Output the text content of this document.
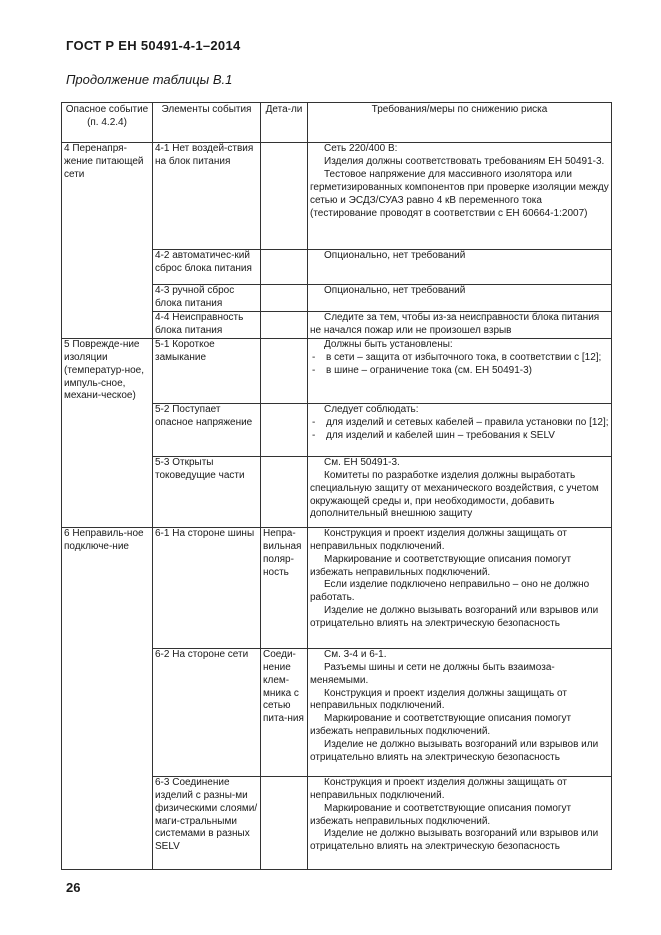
ГОСТ Р ЕН 50491-4-1–2014
Продолжение таблицы В.1
Опасное событие (п. 4.2.4)	Элементы события	Дета-ли	Требования/меры по снижению риска
4 Перенапря-жение питающей сети	4-1 Нет воздей-ствия на блок питания		Сеть 220/400 В:

Изделия должны соответствовать требованиям ЕН 50491-3.

Тестовое напряжение для массивного изолятора или герметизированных компонентов при проверке изоляции между сетью и ЭСДЗ/СУАЗ равно 4 кВ переменного тока (тестирование проводят в соответствии с ЕН 60664-1:2007)

	4-2 автоматичес-кий сброс блока питания		Опционально, нет требований

	4-3 ручной сброс блока питания		Опционально, нет требований

	4-4 Неисправность блока питания		Следите за тем, чтобы из-за неисправности блока питания не начался пожар или не произошел взрыв

5 Поврежде-ние изоляции (температур-ное, импуль-сное, механи-ческое)	5-1 Короткое замыкание		Должны быть установлены:

- в сети – защита от избыточного тока, в соответствии с [12];

- в шине – ограничение тока (см. ЕН 50491-3)

	5-2 Поступает опасное напряжение		Следует соблюдать:

- для изделий и сетевых кабелей – правила установки по [12];

- для изделий и кабелей шин – требования к SELV

	5-3 Открыты токоведущие части		См. ЕН 50491-3.

Комитеты по разработке изделия должны выработать специальную защиту от механического воздействия, с учетом окружающей среды и, при необходимости, добавить дополнительный внешнюю защиту

6 Неправиль-ное подключе-ние	6-1 На стороне шины	Непра-вильная поляр-ность	Конструкция и проект изделия должны защищать от неправильных подключений.

Маркирование и соответствующие описания помогут избежать неправильных подключений.

Если изделие подключено неправильно – оно не должно работать.

Изделие не должно вызывать возгораний или взрывов или отрицательно влиять на электрическую безопасность

	6-2 На стороне сети	Соеди-нение клем-мника с сетью пита-ния	См. 3-4 и 6-1.

Разъемы шины и сети не должны быть взаимоза-меняемыми.

Конструкция и проект изделия должны защищать от неправильных подключений.

Маркирование и соответствующие описания помогут избежать неправильных подключений.

Изделие не должно вызывать возгораний или взрывов или отрицательно влиять на электрическую безопасность

	6-3 Соединение изделий с разны-ми физическими слоями/маги-стральными системами в разных SELV		Конструкция и проект изделия должны защищать от неправильных подключений.

Маркирование и соответствующие описания помогут избежать неправильных подключений.

Изделие не должно вызывать возгораний или взрывов или отрицательно влиять на электрическую безопасность

26
